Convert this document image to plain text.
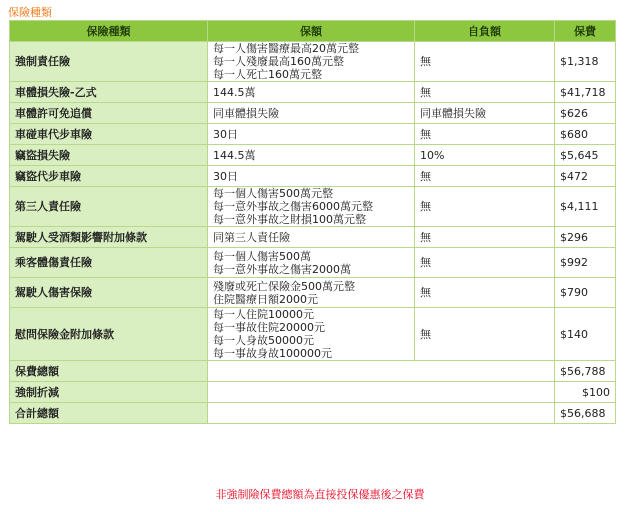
保險種類
保險種類	保額	自負額	保費
強制責任險	每一人傷害醫療最高20萬元整
每一人殘廢最高160萬元整
每一人死亡160萬元整	無	$1,318
車體損失險-乙式	144.5萬	無	$41,718
車體許可免追償	同車體損失險	同車體損失險	$626
車碰車代步車險	30日	無	$680
竊盜損失險	144.5萬	10%	$5,645
竊盜代步車險	30日	無	$472
第三人責任險	每一個人傷害500萬元整
每一意外事故之傷害6000萬元整
每一意外事故之財損100萬元整	無	$4,111
駕駛人受酒類影響附加條款	同第三人責任險	無	$296
乘客體傷責任險	每一個人傷害500萬
每一意外事故之傷害2000萬	無	$992
駕駛人傷害保險	殘廢或死亡保險金500萬元整
住院醫療日額2000元	無	$790
慰問保險金附加條款	每一人住院10000元
每一事故住院20000元
每一人身故50000元
每一事故身故100000元	無	$140
保費總額			$56,788
強制折減			$100
合計總額			$56,688
非強制險保費總額為直接投保優惠後之保費
